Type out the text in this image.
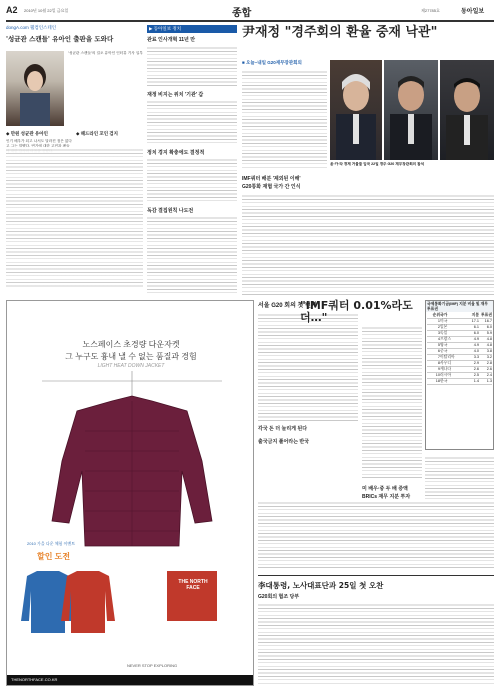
A2 2010년 10월 22일 금요일	종합	제27785호	동아일보
dongA.com 웰컴인스테인
'성균관 스캔들' 유아인 출판을 도와다
'성균관 스캔들'의 걸오 유아인 인터뷰 기사 일부
◆ 만원 성균관 유아인
인기 배우가 되고 나서도 달라진 점은 없다
◆ 헤드라인 꼬인 검지
▶ 동아일보 정치
관료 인사개혁 11년 만
재정 비지는 위치 '기관' 갑
정치 경지 확충에도 결정적
독감 결집원칙 나도전
尹재정 "경주회의 환율 중재 낙관"
■ 오늘~내일 G20재무장관회의
윤·카·타 경제 거물들 입국 22일 경주 G20 재무장관회의 참석
IMF쿼터 배분 '제외된 이해'
G20통화 재협 국가 간 인식
노스페이스 초경량 다운자켓
그 누구도 흉내 낼 수 없는 품질과 경험
LIGHT HEAT DOWN JACKET
2010 가을 다운 체험 이벤트
할인 도전
THE NORTH FACE
NEVER STOP EXPLORING
THENORTHFACE.CO.KR
서울 G20 회의 첫 번째
각국 돈 더 늘리게 된다
출국금지 풀어라는 반국
"IMF쿼터 0.01%라도 더…"
국제통화기금(IMF) 지분 비율 및 재무 투표권
순위 국가	지분 투표권
1 미국	17.1	16.7
2 일본	6.1	6.0
3 독일	6.0	5.9
4 프랑스	4.9	4.8
5 영국	4.9	4.8
6 중국	4.0	3.8
7 이탈리아	3.3	3.2
8 사우디	2.9	2.8
9 캐나다	2.6	2.6
10 러시아	2.5	2.4
18 한국	1.4	1.3
미 배우·중 두 배 증액
BRICs 재무 지분 투자
李대통령, 노사대표단과 25일 첫 오찬
G20회의 협조 당부
